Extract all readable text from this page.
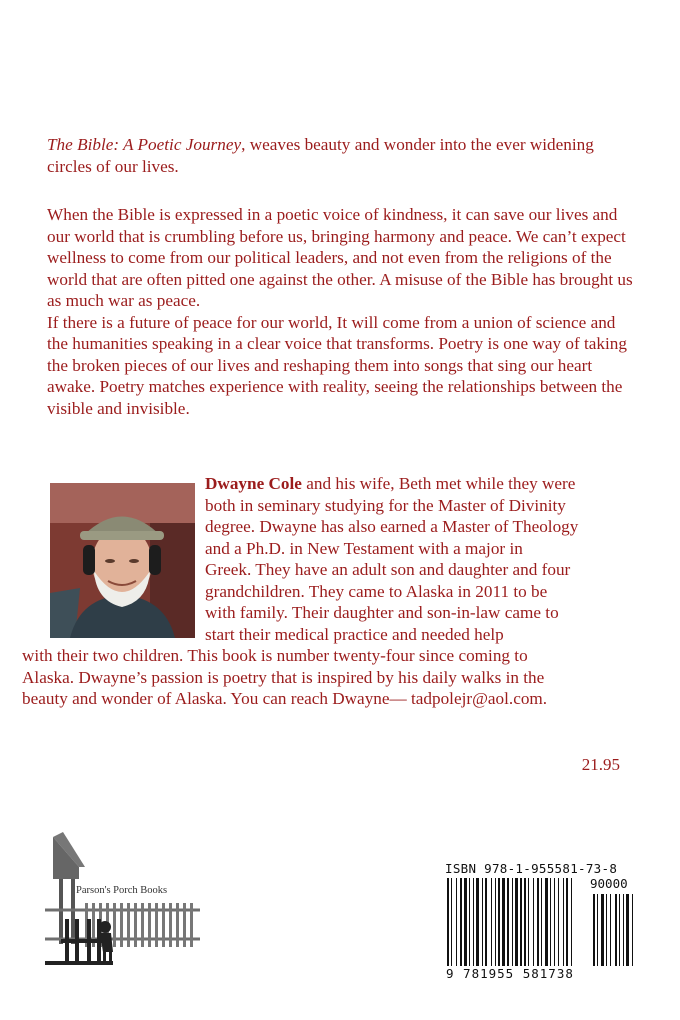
The Bible: A Poetic Journey, weaves beauty and wonder into the ever widening circles of our lives.

When the Bible is expressed in a poetic voice of kindness, it can save our lives and our world that is crumbling before us, bringing harmony and peace. We can’t expect wellness to come from our political leaders, and not even from the religions of the world that are often pitted one against the other. A misuse of the Bible has brought us as much war as peace.
If there is a future of peace for our world, It will come from a union of science and the humanities speaking in a clear voice that transforms. Poetry is one way of taking the broken pieces of our lives and reshaping them into songs that sing our heart awake. Poetry matches experience with reality, seeing the relationships between the visible and invisible.

Dwayne Cole and his wife, Beth met while they were
both in seminary studying for the Master of Divinity
degree. Dwayne has also earned a Master of Theology
and a Ph.D. in New Testament with a major in
Greek. They have an adult son and daughter and four
grandchildren. They came to Alaska in 2011 to be
with family. Their daughter and son-in-law came to
start their medical practice and needed help
with their two children. This book is number twenty-four since coming to
Alaska. Dwayne’s passion is poetry that is inspired by his daily walks in the
beauty and wonder of Alaska. You can reach Dwayne— tadpolejr@aol.com.
21.95
Parson's Porch Books
ISBN 978-1-955581-73-8
90000
9 781955 581738
